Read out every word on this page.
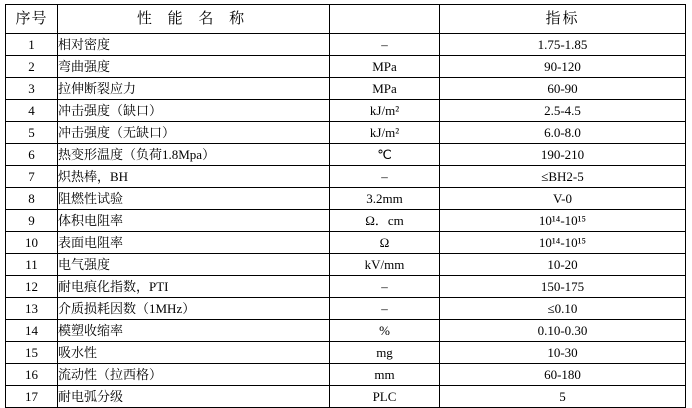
序号	性 能 名 称		指标
1	相对密度	–	1.75-1.85
2	弯曲强度	MPa	90-120
3	拉伸断裂应力	MPa	60-90
4	冲击强度（缺口）	kJ/m²	2.5-4.5
5	冲击强度（无缺口）	kJ/m²	6.0-8.0
6	热变形温度（负荷1.8Mpa）	℃	190-210
7	炽热棒，BH	–	≤BH2-5
8	阻燃性试验	3.2mm	V-0
9	体积电阻率	Ω．cm	10¹⁴-10¹⁵
10	表面电阻率	Ω	10¹⁴-10¹⁵
11	电气强度	kV/mm	10-20
12	耐电痕化指数，PTI	–	150-175
13	介质损耗因数（1MHz）	–	≤0.10
14	模塑收缩率	%	0.10-0.30
15	吸水性	mg	10-30
16	流动性（拉西格）	mm	60-180
17	耐电弧分级	PLC	5
